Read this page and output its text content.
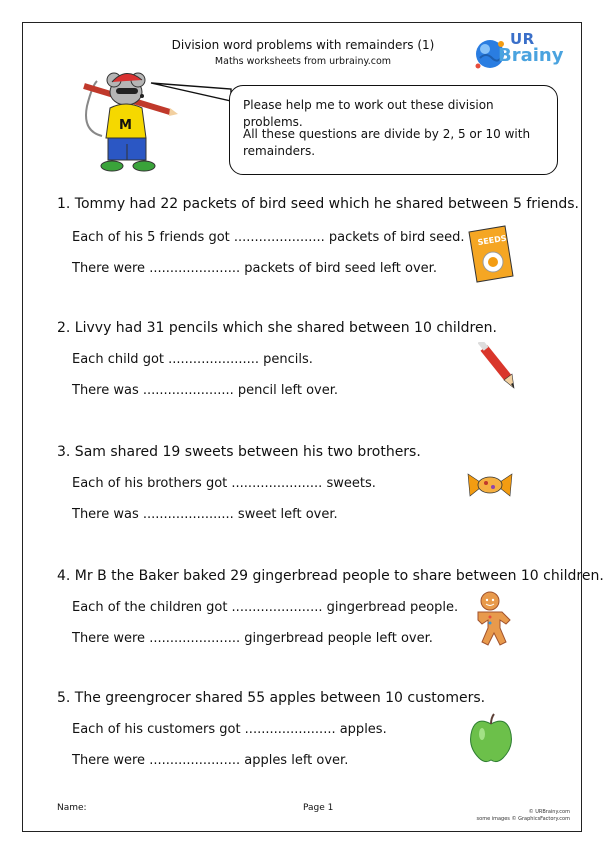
Division word problems with remainders (1)
Maths worksheets from urbrainy.com
UR
Brainy
M

Please help me to work out these division problems.

All these questions are divide by 2, 5 or 10 with remainders.

1. Tommy had 22 packets of bird seed which he shared between 5 friends.
Each of his 5 friends got ...................... packets of bird seed.
There were ...................... packets of bird seed left over.
SEEDS
2. Livvy had 31 pencils which she shared between 10 children.
Each child got ...................... pencils.
There was ...................... pencil left over.
3. Sam shared 19 sweets between his two brothers.
Each of his brothers got ...................... sweets.
There was ...................... sweet left over.
4. Mr B the Baker baked 29 gingerbread people to share between 10 children.
Each of the children got ...................... gingerbread people.
There were ...................... gingerbread people left over.
5. The greengrocer shared 55 apples between 10 customers.
Each of his customers got ...................... apples.
There were ...................... apples left over.
Name:	Page 1	© URBrainy.com
some images © GraphicsFactory.com
